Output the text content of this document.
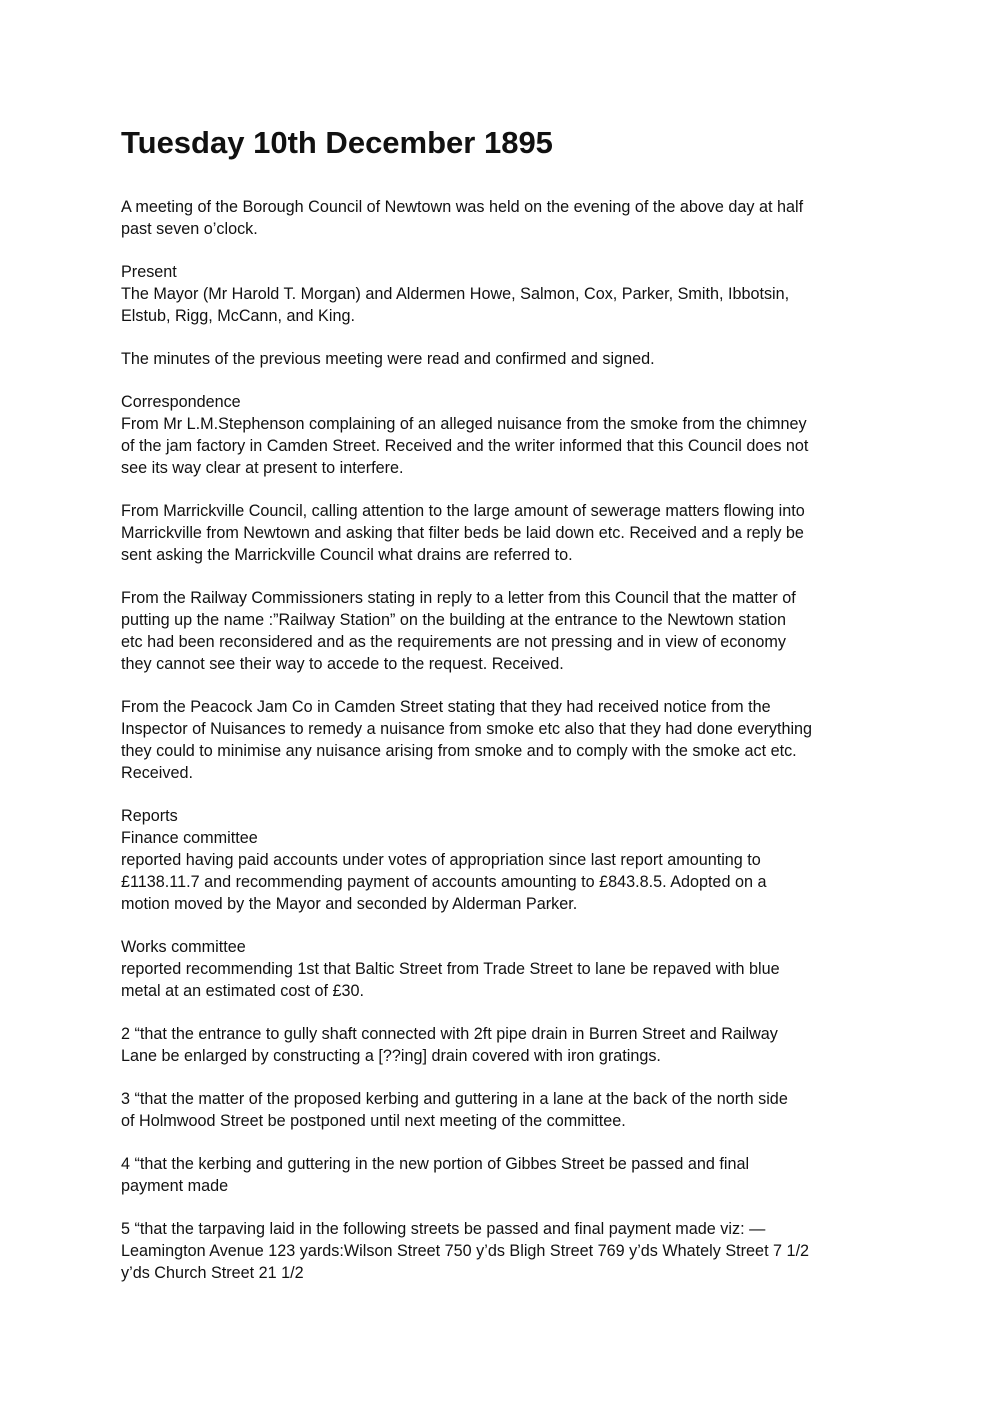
Tuesday 10th December 1895
A meeting of the Borough Council of Newtown was held on the evening of the above day at half
past seven o’clock.
Present
The Mayor (Mr Harold T. Morgan) and Aldermen Howe, Salmon, Cox, Parker, Smith, Ibbotsin,
Elstub, Rigg, McCann, and King.
The minutes of the previous meeting were read and confirmed and signed.
Correspondence
From Mr L.M.Stephenson complaining of an alleged nuisance from the smoke from the chimney
of the jam factory in Camden Street. Received and the writer informed that this Council does not
see its way clear at present to interfere.
From Marrickville Council, calling attention to the large amount of sewerage matters flowing into
Marrickville from Newtown and asking that filter beds be laid down etc. Received and a reply be
sent asking the Marrickville Council what drains are referred to.
From the Railway Commissioners stating in reply to a letter from this Council that the matter of
putting up the name :”Railway Station” on the building at the entrance to the Newtown station
etc had been reconsidered and as the requirements are not pressing and in view of economy
they cannot see their way to accede to the request. Received.
From the Peacock Jam Co in Camden Street stating that they had received notice from the
Inspector of Nuisances to remedy a nuisance from smoke etc also that they had done everything
they could to minimise any nuisance arising from smoke and to comply with the smoke act etc.
Received.
Reports
Finance committee
reported having paid accounts under votes of appropriation since last report amounting to
£1138.11.7 and recommending payment of accounts amounting to £843.8.5. Adopted on a
motion moved by the Mayor and seconded by Alderman Parker.
Works committee
reported recommending 1st that Baltic Street from Trade Street to lane be repaved with blue
metal at an estimated cost of £30.
2 “that the entrance to gully shaft connected with 2ft pipe drain in Burren Street and Railway
Lane be enlarged by constructing a [??ing] drain covered with iron gratings.
3 “that the matter of the proposed kerbing and guttering in a lane at the back of the north side
of Holmwood Street be postponed until next meeting of the committee.
4 “that the kerbing and guttering in the new portion of Gibbes Street be passed and final
payment made
5 “that the tarpaving laid in the following streets be passed and final payment made viz: —
Leamington Avenue 123 yards:Wilson Street 750 y’ds Bligh Street 769 y’ds Whately Street 7 1/2
y’ds Church Street 21 1/2
